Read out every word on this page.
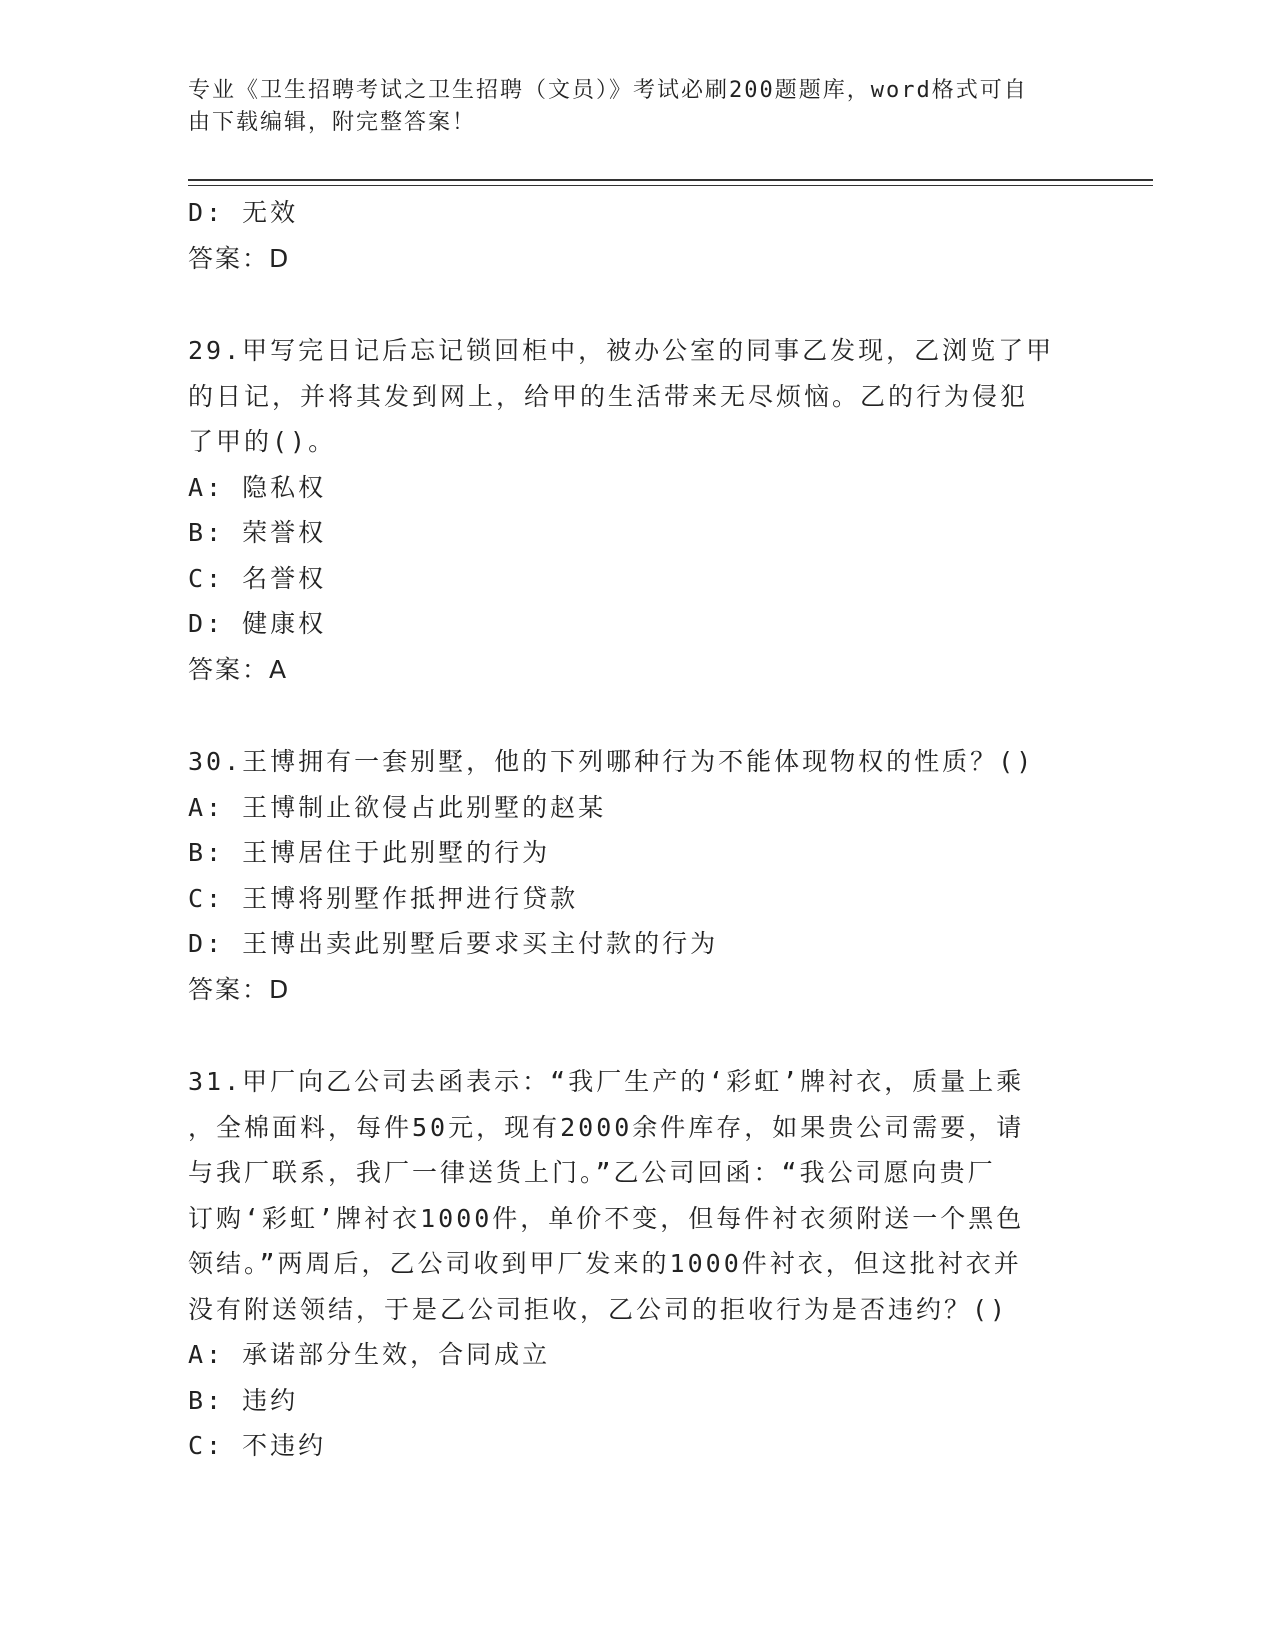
专业《卫生招聘考试之卫生招聘（文员）》考试必刷200题题库，word格式可自
由下载编辑，附完整答案！
D: 无效
答案：D
29.甲写完日记后忘记锁回柜中，被办公室的同事乙发现，乙浏览了甲
的日记，并将其发到网上，给甲的生活带来无尽烦恼。乙的行为侵犯
了甲的()。
A: 隐私权
B: 荣誉权
C: 名誉权
D: 健康权
答案：A
30.王博拥有一套别墅，他的下列哪种行为不能体现物权的性质？()
A: 王博制止欲侵占此别墅的赵某
B: 王博居住于此别墅的行为
C: 王博将别墅作抵押进行贷款
D: 王博出卖此别墅后要求买主付款的行为
答案：D
31.甲厂向乙公司去函表示：“我厂生产的‘彩虹’牌衬衣，质量上乘
，全棉面料，每件50元，现有2000余件库存，如果贵公司需要，请
与我厂联系，我厂一律送货上门。”乙公司回函：“我公司愿向贵厂
订购‘彩虹’牌衬衣1000件，单价不变，但每件衬衣须附送一个黑色
领结。”两周后，乙公司收到甲厂发来的1000件衬衣，但这批衬衣并
没有附送领结，于是乙公司拒收，乙公司的拒收行为是否违约？()
A: 承诺部分生效，合同成立
B: 违约
C: 不违约
